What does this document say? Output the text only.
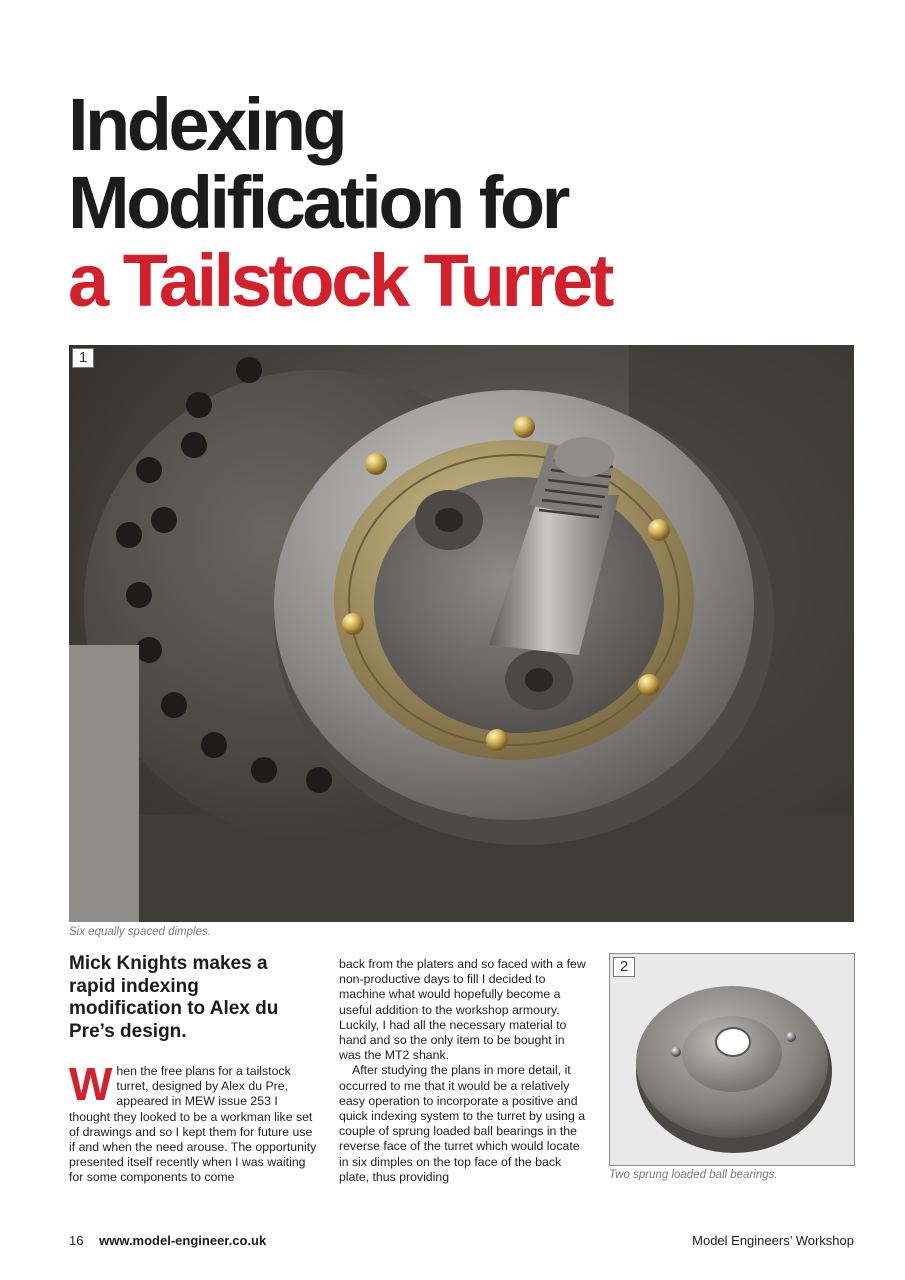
Indexing
Modification for
a Tailstock Turret
1
Six equally spaced dimples.
Mick Knights makes a rapid indexing modification to Alex du Pre’s design.

When the free plans for a tailstock turret, designed by Alex du Pre, appeared in MEW issue 253 I thought they looked to be a workman like set of drawings and so I kept them for future use if and when the need arouse. The opportunity presented itself recently when I was waiting for some components to come

back from the platers and so faced with a few non-productive days to fill I decided to machine what would hopefully become a useful addition to the workshop armoury. Luckily, I had all the necessary material to hand and so the only item to be bought in was the MT2 shank.

After studying the plans in more detail, it occurred to me that it would be a relatively easy operation to incorporate a positive and quick indexing system to the turret by using a couple of sprung loaded ball bearings in the reverse face of the turret which would locate in six dimples on the top face of the back plate, thus providing

2
Two sprung loaded ball bearings.
16 www.model-engineer.co.uk	Model Engineers’ Workshop
